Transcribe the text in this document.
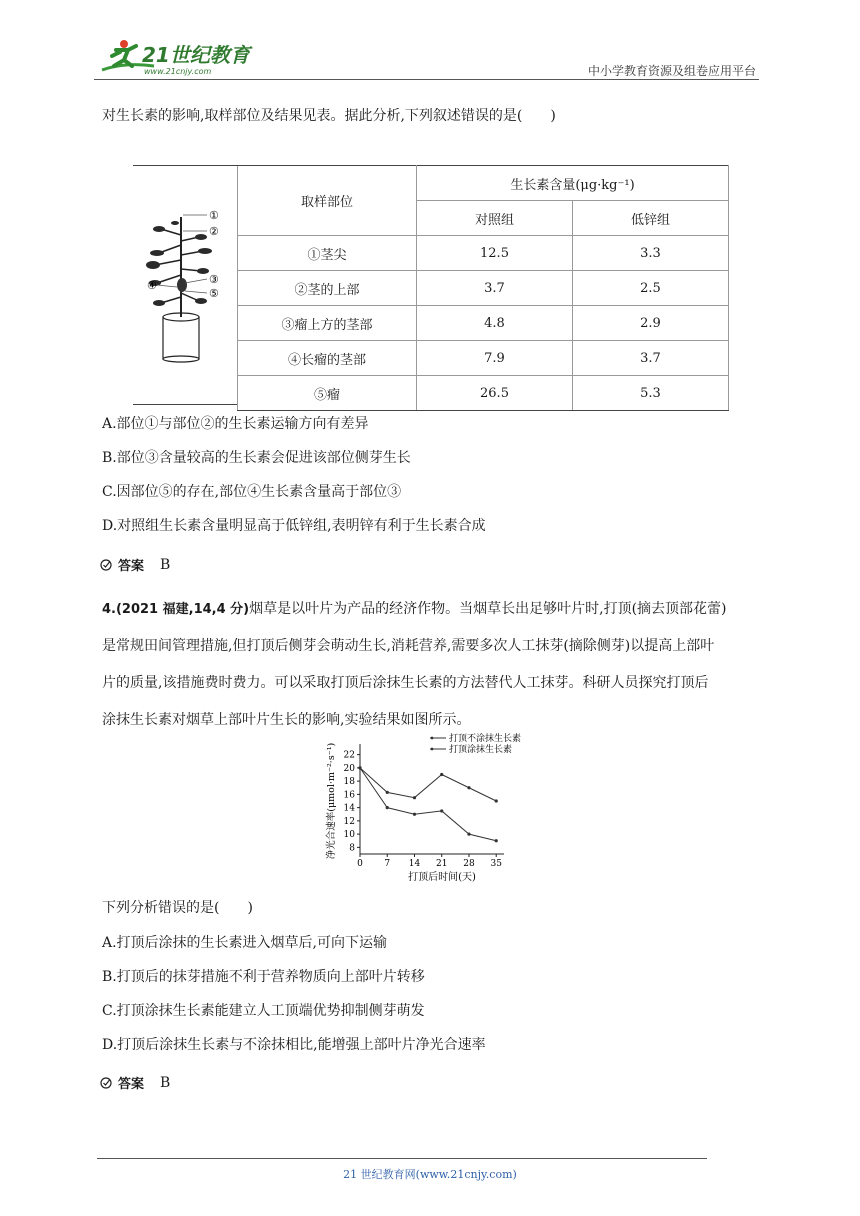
21世纪教育
www.21cnjy.com	中小学教育资源及组卷应用平台
对生长素的影响,取样部位及结果见表。据此分析,下列叙述错误的是(　　)
①
②
③
④
⑤
取样部位	生长素含量(μg·kg⁻¹)	
	对照组	低锌组
①茎尖	12.5	3.3
②茎的上部	3.7	2.5
③瘤上方的茎部	4.8	2.9
④长瘤的茎部	7.9	3.7
⑤瘤	26.5	5.3
A.部位①与部位②的生长素运输方向有差异
B.部位③含量较高的生长素会促进该部位侧芽生长
C.因部位⑤的存在,部位④生长素含量高于部位③
D.对照组生长素含量明显高于低锌组,表明锌有利于生长素合成
答案 B
4.(2021 福建,14,4 分)烟草是以叶片为产品的经济作物。当烟草长出足够叶片时,打顶(摘去顶部花蕾)
是常规田间管理措施,但打顶后侧芽会萌动生长,消耗营养,需要多次人工抹芽(摘除侧芽)以提高上部叶
片的质量,该措施费时费力。可以采取打顶后涂抹生长素的方法替代人工抹芽。科研人员探究打顶后
涂抹生长素对烟草上部叶片生长的影响,实验结果如图所示。
净光合速率(μmol·m⁻²·s⁻¹)
打顶后时间(天)
0 7 14 21 28 35
8
10
12
14
16
18
20
22
打顶不涂抹生长素
打顶涂抹生长素
下列分析错误的是(　　)
A.打顶后涂抹的生长素进入烟草后,可向下运输
B.打顶后的抹芽措施不利于营养物质向上部叶片转移
C.打顶涂抹生长素能建立人工顶端优势抑制侧芽萌发
D.打顶后涂抹生长素与不涂抹相比,能增强上部叶片净光合速率
答案 B
21 世纪教育网(www.21cnjy.com)
